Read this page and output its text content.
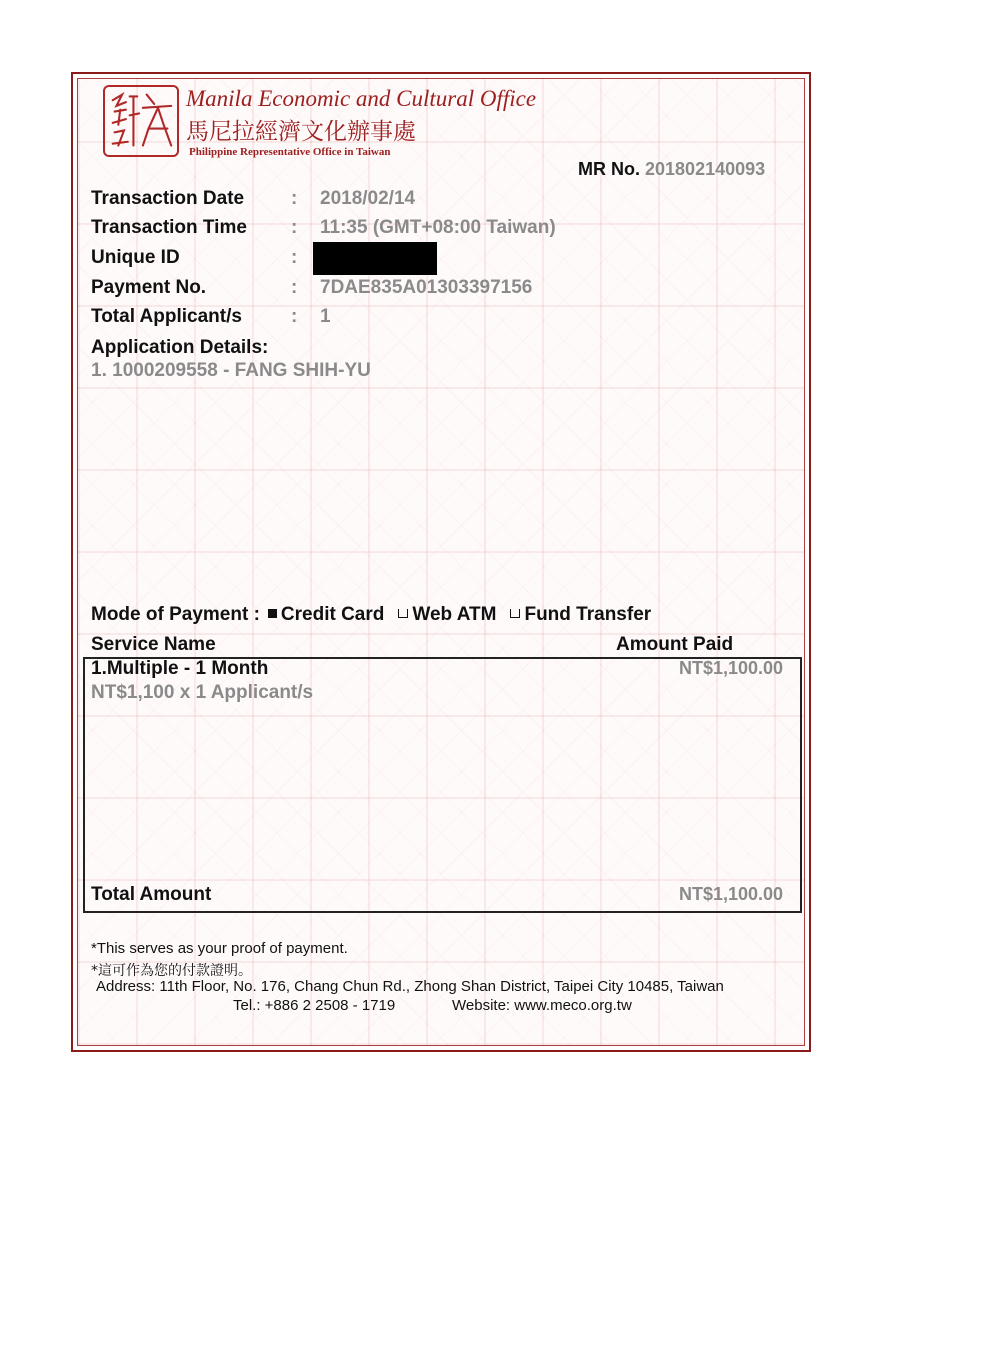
Manila Economic and Cultural Office
馬尼拉經濟文化辦事處
Philippine Representative Office in Taiwan
MR No. 201802140093
Transaction Date : 2018/02/14
Transaction Time : 11:35 (GMT+08:00 Taiwan)
Unique ID	:
Payment No.	: 7DAE835A01303397156
Total Applicant/s	: 1
Application Details:
1. 1000209558 - FANG SHIH-YU
Mode of Payment : Credit Card Web ATM Fund Transfer
Service Name	Amount Paid
1.Multiple - 1 Month	NT$1,100.00
NT$1,100 x 1 Applicant/s
Total Amount	NT$1,100.00
*This serves as your proof of payment.
*這可作為您的付款證明。
Address: 11th Floor, No. 176, Chang Chun Rd., Zhong Shan District, Taipei City 10485, Taiwan
Tel.: +886 2 2508 - 1719	Website: www.meco.org.tw
